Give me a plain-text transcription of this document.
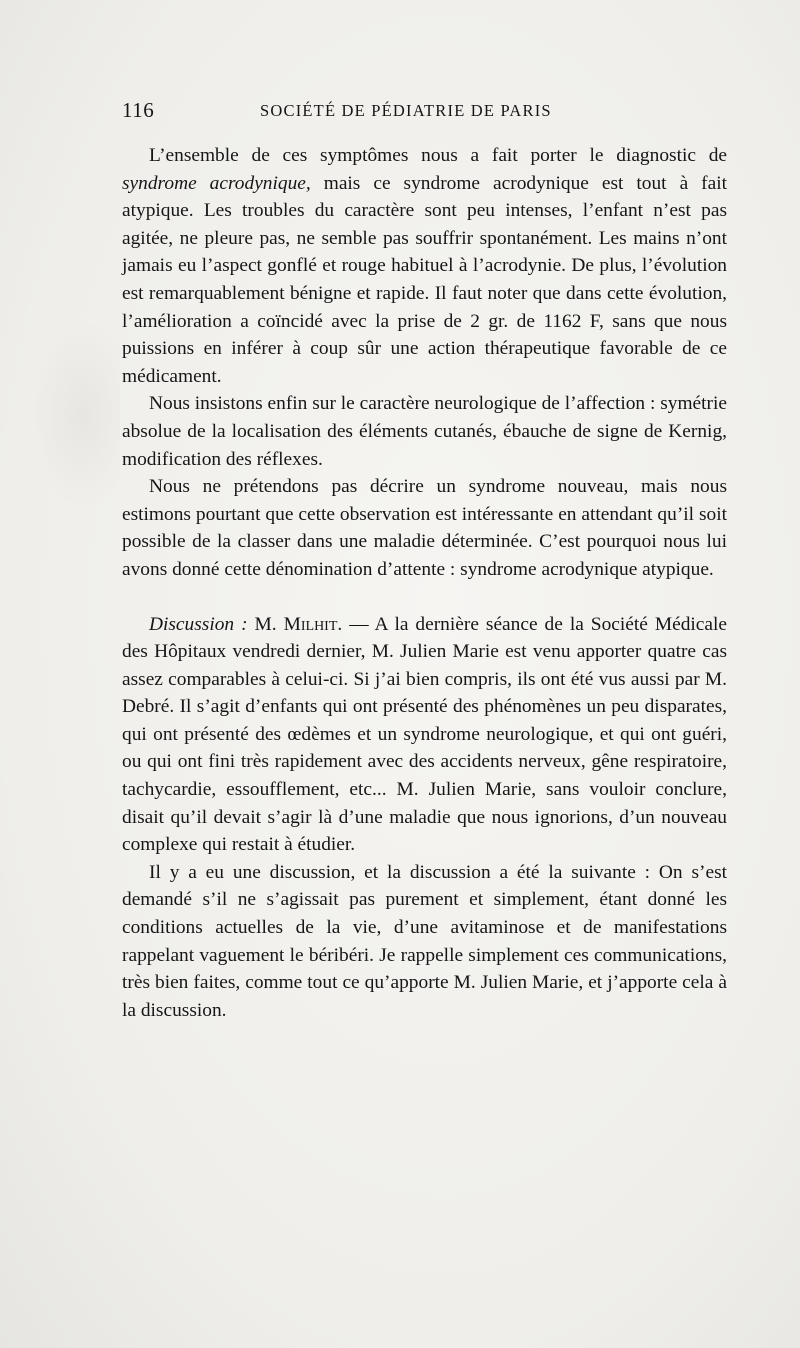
116	SOCIÉTÉ DE PÉDIATRIE DE PARIS

L’ensemble de ces symptômes nous a fait porter le diagnostic de syndrome acrodynique, mais ce syndrome acrodynique est tout à fait atypique. Les troubles du caractère sont peu intenses, l’enfant n’est pas agitée, ne pleure pas, ne semble pas souffrir spontanément. Les mains n’ont jamais eu l’aspect gonflé et rouge habituel à l’acrodynie. De plus, l’évolution est remarquablement bénigne et rapide. Il faut noter que dans cette évolution, l’amélioration a coïncidé avec la prise de 2 gr. de 1162 F, sans que nous puissions en inférer à coup sûr une action thérapeutique favorable de ce médicament.

Nous insistons enfin sur le caractère neurologique de l’affection : symétrie absolue de la localisation des éléments cutanés, ébauche de signe de Kernig, modification des réflexes.

Nous ne prétendons pas décrire un syndrome nouveau, mais nous estimons pourtant que cette observation est intéressante en attendant qu’il soit possible de la classer dans une maladie déterminée. C’est pourquoi nous lui avons donné cette dénomination d’attente : syndrome acrodynique atypique.

Discussion : M. Milhit. — A la dernière séance de la Société Médicale des Hôpitaux vendredi dernier, M. Julien Marie est venu apporter quatre cas assez comparables à celui-ci. Si j’ai bien compris, ils ont été vus aussi par M. Debré. Il s’agit d’enfants qui ont présenté des phénomènes un peu disparates, qui ont présenté des œdèmes et un syndrome neurologique, et qui ont guéri, ou qui ont fini très rapidement avec des accidents nerveux, gêne respiratoire, tachycardie, essoufflement, etc... M. Julien Marie, sans vouloir conclure, disait qu’il devait s’agir là d’une maladie que nous ignorions, d’un nouveau complexe qui restait à étudier.

Il y a eu une discussion, et la discussion a été la suivante : On s’est demandé s’il ne s’agissait pas purement et simplement, étant donné les conditions actuelles de la vie, d’une avitaminose et de manifestations rappelant vaguement le béribéri. Je rappelle simplement ces communications, très bien faites, comme tout ce qu’apporte M. Julien Marie, et j’apporte cela à la discussion.
